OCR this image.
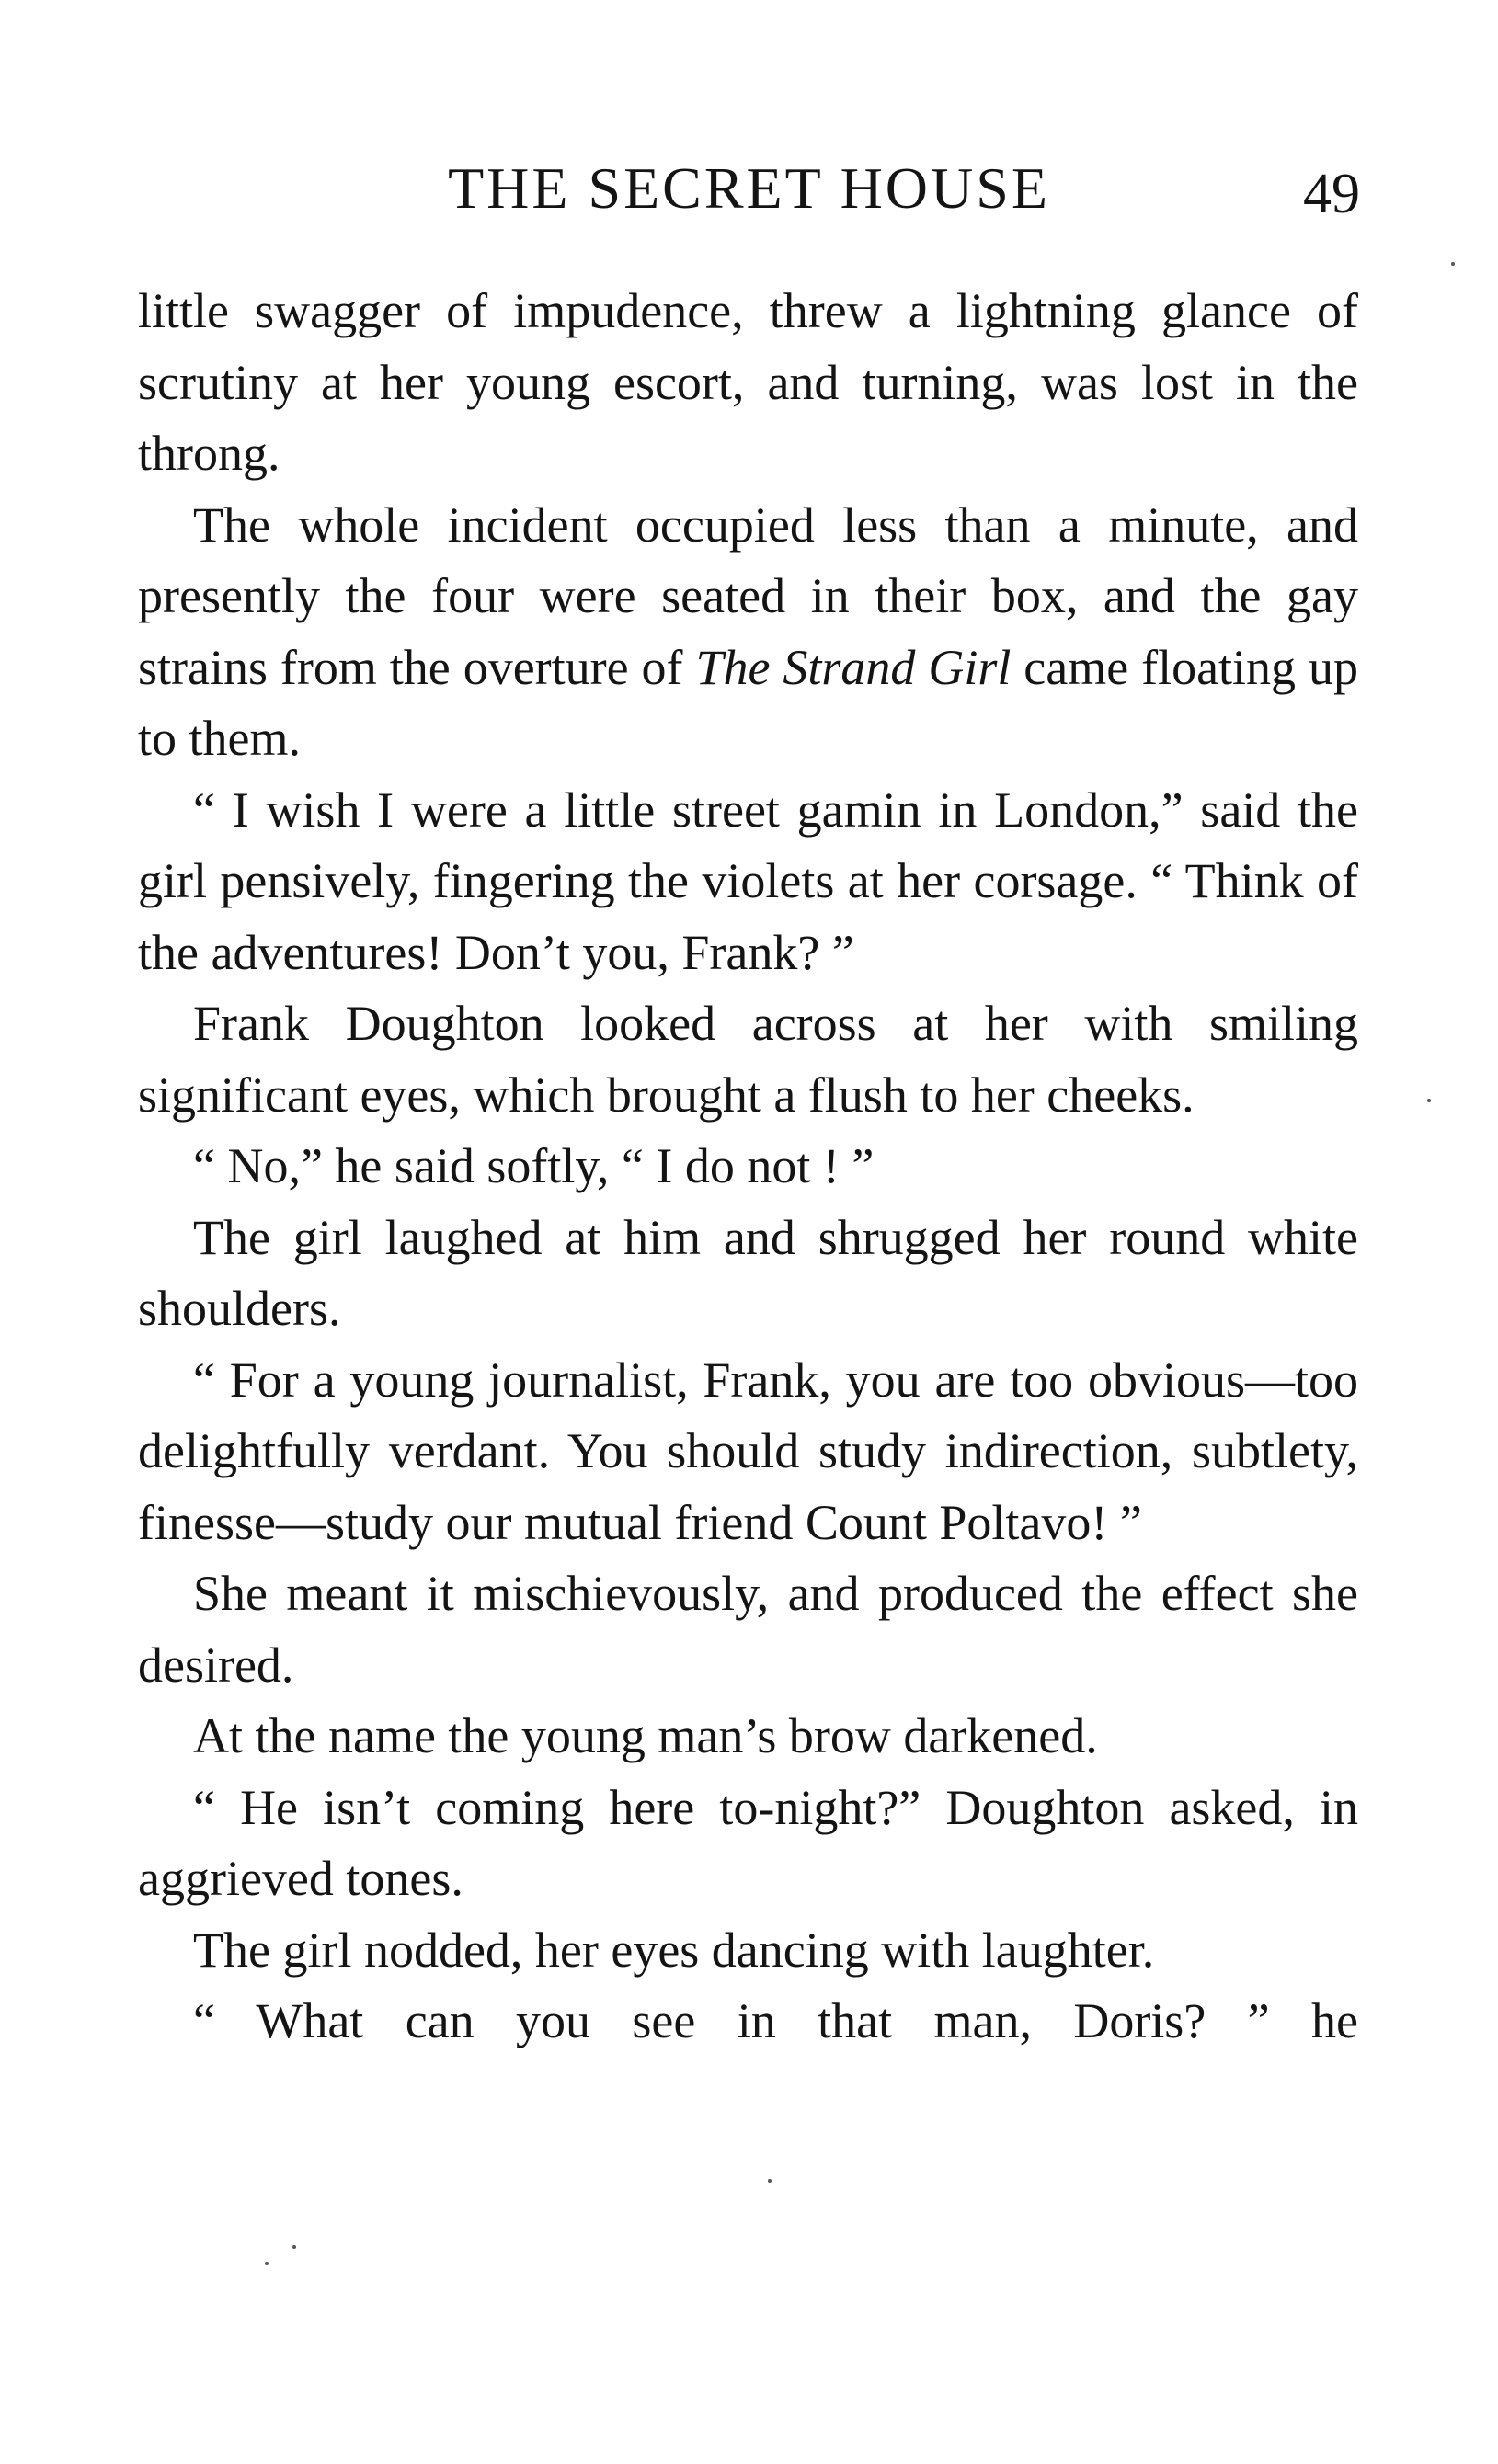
THE SECRET HOUSE	49

little swagger of impudence, threw a lightning glance of scrutiny at her young escort, and turning, was lost in the throng.

The whole incident occupied less than a minute, and presently the four were seated in their box, and the gay strains from the overture of The Strand Girl came floating up to them.

“ I wish I were a little street gamin in London,” said the girl pensively, fingering the violets at her corsage. “ Think of the adventures! Don’t you, Frank? ”

Frank Doughton looked across at her with smiling significant eyes, which brought a flush to her cheeks.

“ No,” he said softly, “ I do not ! ”

The girl laughed at him and shrugged her round white shoulders.

“ For a young journalist, Frank, you are too obvious—too delightfully verdant. You should study indirection, subtlety, finesse—study our mutual friend Count Poltavo! ”

She meant it mischievously, and produced the effect she desired.

At the name the young man’s brow darkened.

“ He isn’t coming here to-night?” Doughton asked, in aggrieved tones.

The girl nodded, her eyes dancing with laughter.

“ What can you see in that man, Doris? ” he
